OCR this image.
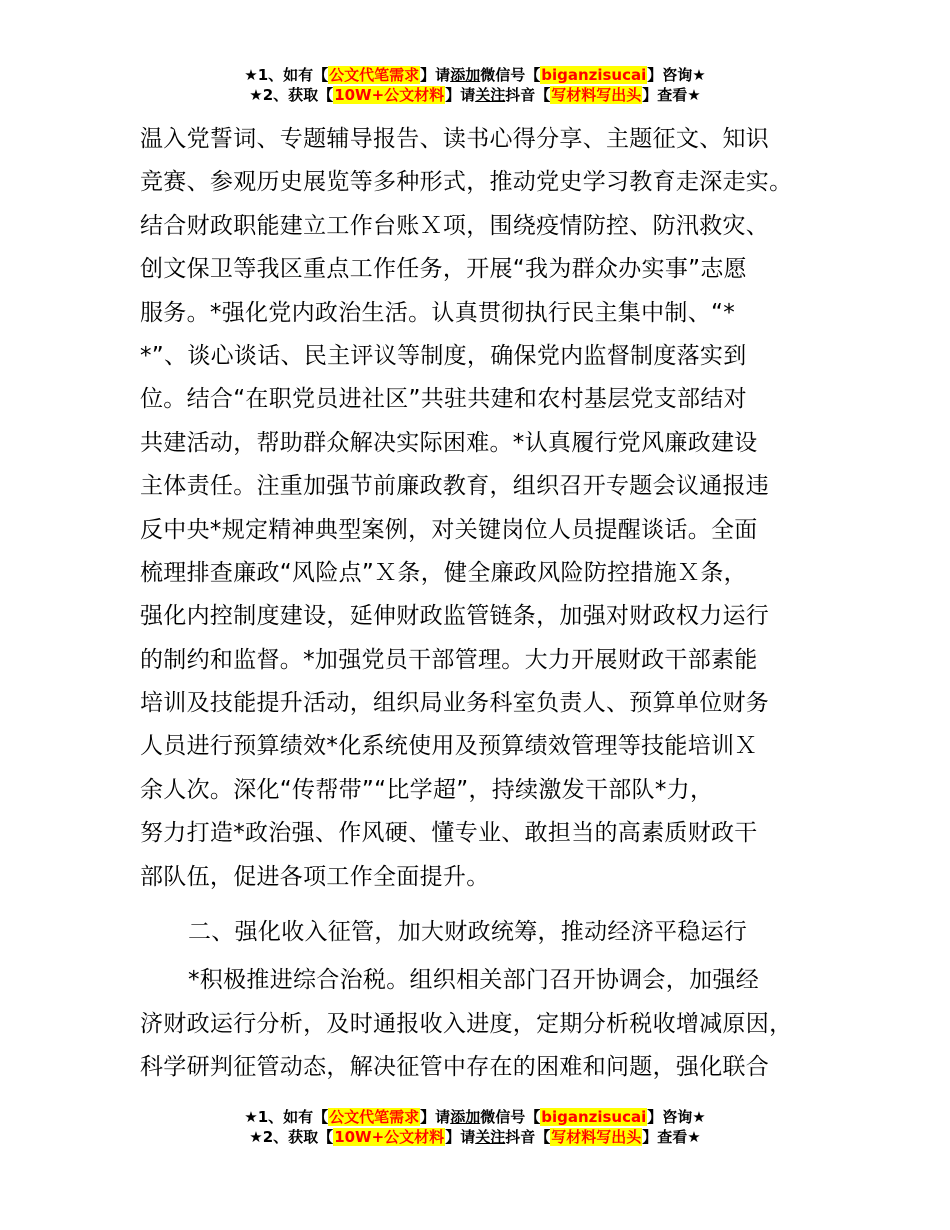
★1、如有【公文代笔需求】请添加微信号【biganzisucai】咨询★
★2、获取【10W+公文材料】请关注抖音【写材料写出头】查看★
温入党誓词、专题辅导报告、读书心得分享、主题征文、知识
竞赛、参观历史展览等多种形式，推动党史学习教育走深走实。
结合财政职能建立工作台账Ｘ项，围绕疫情防控、防汛救灾、
创文保卫等我区重点工作任务，开展“我为群众办实事”志愿
服务。*强化党内政治生活。认真贯彻执行民主集中制、“*
*”、谈心谈话、民主评议等制度，确保党内监督制度落实到
位。结合“在职党员进社区”共驻共建和农村基层党支部结对
共建活动，帮助群众解决实际困难。*认真履行党风廉政建设
主体责任。注重加强节前廉政教育，组织召开专题会议通报违
反中央*规定精神典型案例，对关键岗位人员提醒谈话。全面
梳理排查廉政“风险点”Ｘ条，健全廉政风险防控措施Ｘ条，
强化内控制度建设，延伸财政监管链条，加强对财政权力运行
的制约和监督。*加强党员干部管理。大力开展财政干部素能
培训及技能提升活动，组织局业务科室负责人、预算单位财务
人员进行预算绩效*化系统使用及预算绩效管理等技能培训Ｘ
余人次。深化“传帮带”“比学超”，持续激发干部队*力，
努力打造*政治强、作风硬、懂专业、敢担当的高素质财政干
部队伍，促进各项工作全面提升。
二、强化收入征管，加大财政统筹，推动经济平稳运行
*积极推进综合治税。组织相关部门召开协调会，加强经
济财政运行分析，及时通报收入进度，定期分析税收增减原因，
科学研判征管动态，解决征管中存在的困难和问题，强化联合
★1、如有【公文代笔需求】请添加微信号【biganzisucai】咨询★
★2、获取【10W+公文材料】请关注抖音【写材料写出头】查看★
